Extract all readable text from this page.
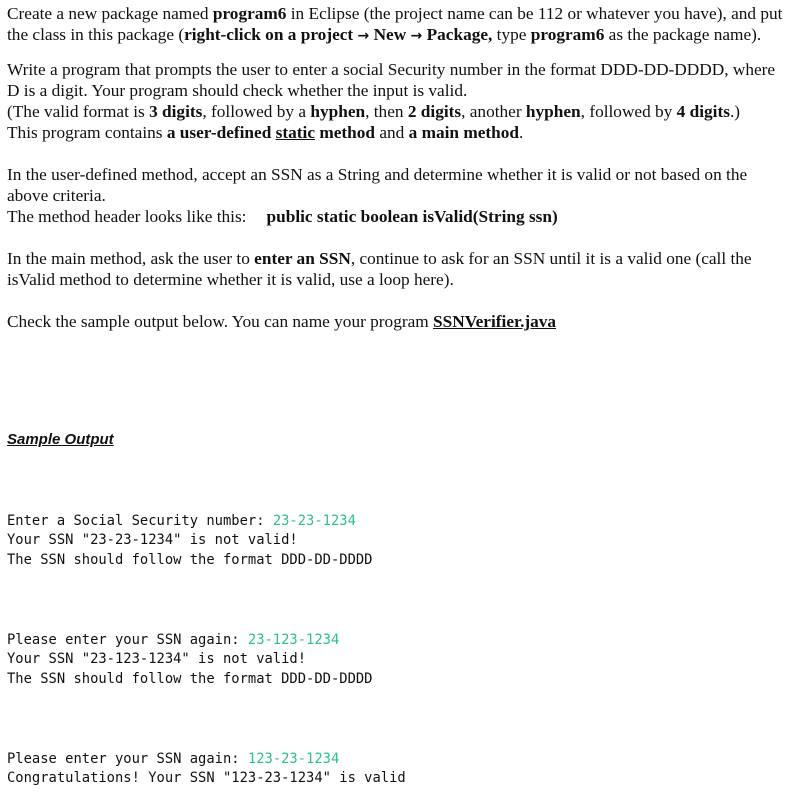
Create a new package named program6 in Eclipse (the project name can be 112 or whatever you have), and put the class in this package (right-click on a project → New → Package, type program6 as the package name).

Write a program that prompts the user to enter a social Security number in the format DDD-DD-DDDD, where D is a digit. Your program should check whether the input is valid.

(The valid format is 3 digits, followed by a hyphen, then 2 digits, another hyphen, followed by 4 digits.)

This program contains a user-defined static method and a main method.

In the user-defined method, accept an SSN as a String and determine whether it is valid or not based on the above criteria.

The method header looks like this: public static boolean isValid(String ssn)

In the main method, ask the user to enter an SSN, continue to ask for an SSN until it is a valid one (call the isValid method to determine whether it is valid, use a loop here).

Check the sample output below. You can name your program SSNVerifier.java

Sample Output

Enter a Social Security number: 23-23-1234
Your SSN "23-23-1234" is not valid!
The SSN should follow the format DDD-DD-DDDD

Please enter your SSN again: 23-123-1234
Your SSN "23-123-1234" is not valid!
The SSN should follow the format DDD-DD-DDDD

Please enter your SSN again: 123-23-1234
Congratulations! Your SSN "123-23-1234" is valid
